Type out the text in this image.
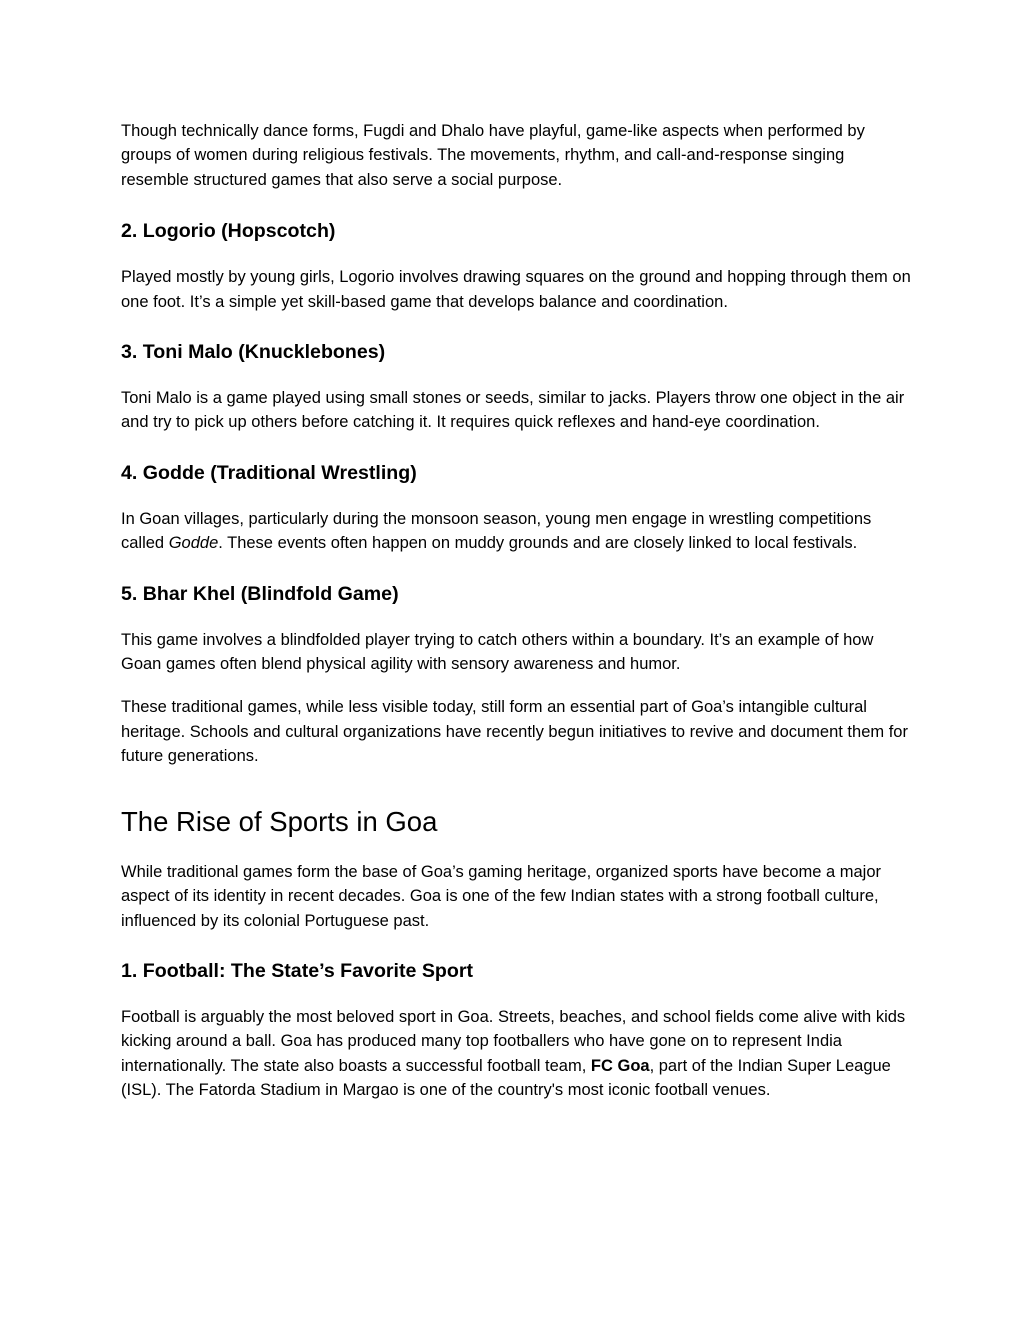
Though technically dance forms, Fugdi and Dhalo have playful, game-like aspects when performed by groups of women during religious festivals. The movements, rhythm, and call-and-response singing resemble structured games that also serve a social purpose.

2. Logorio (Hopscotch)

Played mostly by young girls, Logorio involves drawing squares on the ground and hopping through them on one foot. It’s a simple yet skill-based game that develops balance and coordination.

3. Toni Malo (Knucklebones)

Toni Malo is a game played using small stones or seeds, similar to jacks. Players throw one object in the air and try to pick up others before catching it. It requires quick reflexes and hand-eye coordination.

4. Godde (Traditional Wrestling)

In Goan villages, particularly during the monsoon season, young men engage in wrestling competitions called Godde. These events often happen on muddy grounds and are closely linked to local festivals.

5. Bhar Khel (Blindfold Game)

This game involves a blindfolded player trying to catch others within a boundary. It’s an example of how Goan games often blend physical agility with sensory awareness and humor.

These traditional games, while less visible today, still form an essential part of Goa’s intangible cultural heritage. Schools and cultural organizations have recently begun initiatives to revive and document them for future generations.

The Rise of Sports in Goa

While traditional games form the base of Goa’s gaming heritage, organized sports have become a major aspect of its identity in recent decades. Goa is one of the few Indian states with a strong football culture, influenced by its colonial Portuguese past.

1. Football: The State’s Favorite Sport

Football is arguably the most beloved sport in Goa. Streets, beaches, and school fields come alive with kids kicking around a ball. Goa has produced many top footballers who have gone on to represent India internationally. The state also boasts a successful football team, FC Goa, part of the Indian Super League (ISL). The Fatorda Stadium in Margao is one of the country's most iconic football venues.
